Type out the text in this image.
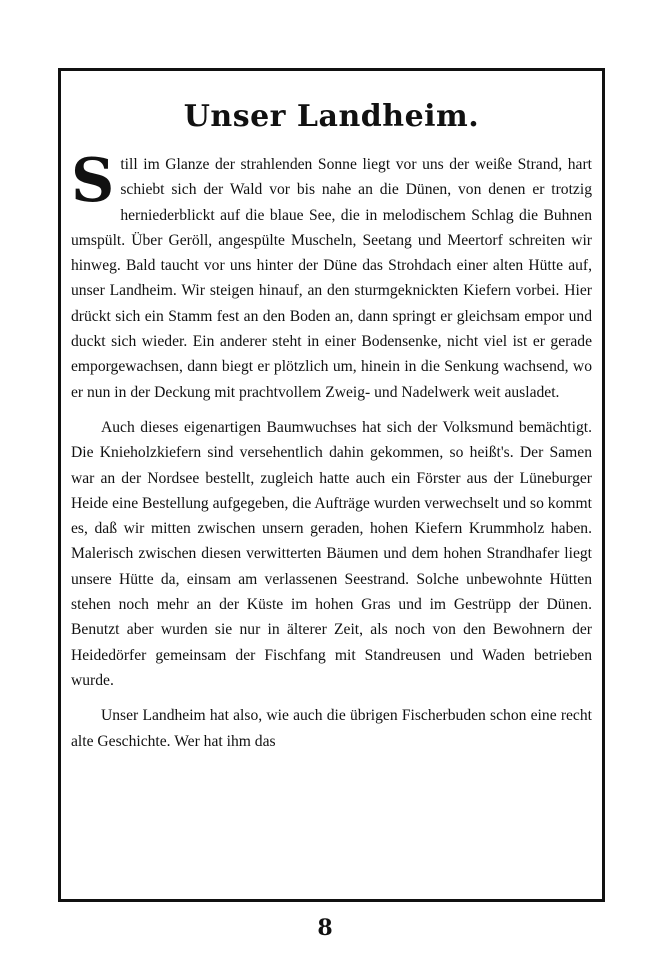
Unser Landheim.

S till im Glanze der strahlenden Sonne liegt vor uns der weiße Strand, hart schiebt sich der Wald vor bis nahe an die Dünen, von denen er trotzig herniederblickt auf die blaue See, die in melodischem Schlag die Buhnen umspült. Über Geröll, angespülte Muscheln, Seetang und Meertorf schreiten wir hinweg. Bald taucht vor uns hinter der Düne das Strohdach einer alten Hütte auf, unser Landheim. Wir steigen hinauf, an den sturmgeknickten Kiefern vorbei. Hier drückt sich ein Stamm fest an den Boden an, dann springt er gleichsam empor und duckt sich wieder. Ein anderer steht in einer Bodensenke, nicht viel ist er gerade emporgewachsen, dann biegt er plötzlich um, hinein in die Senkung wachsend, wo er nun in der Deckung mit prachtvollem Zweig- und Nadelwerk weit ausladet.

Auch dieses eigenartigen Baumwuchses hat sich der Volksmund bemächtigt. Die Knieholzkiefern sind versehentlich dahin gekommen, so heißt's. Der Samen war an der Nordsee bestellt, zugleich hatte auch ein Förster aus der Lüneburger Heide eine Bestellung aufgegeben, die Aufträge wurden verwechselt und so kommt es, daß wir mitten zwischen unsern geraden, hohen Kiefern Krummholz haben. Malerisch zwischen diesen verwitterten Bäumen und dem hohen Strandhafer liegt unsere Hütte da, einsam am verlassenen Seestrand. Solche unbewohnte Hütten stehen noch mehr an der Küste im hohen Gras und im Gestrüpp der Dünen. Benutzt aber wurden sie nur in älterer Zeit, als noch von den Bewohnern der Heidedörfer gemeinsam der Fischfang mit Standreusen und Waden betrieben wurde.

Unser Landheim hat also, wie auch die übrigen Fischerbuden schon eine recht alte Geschichte. Wer hat ihm das

8
